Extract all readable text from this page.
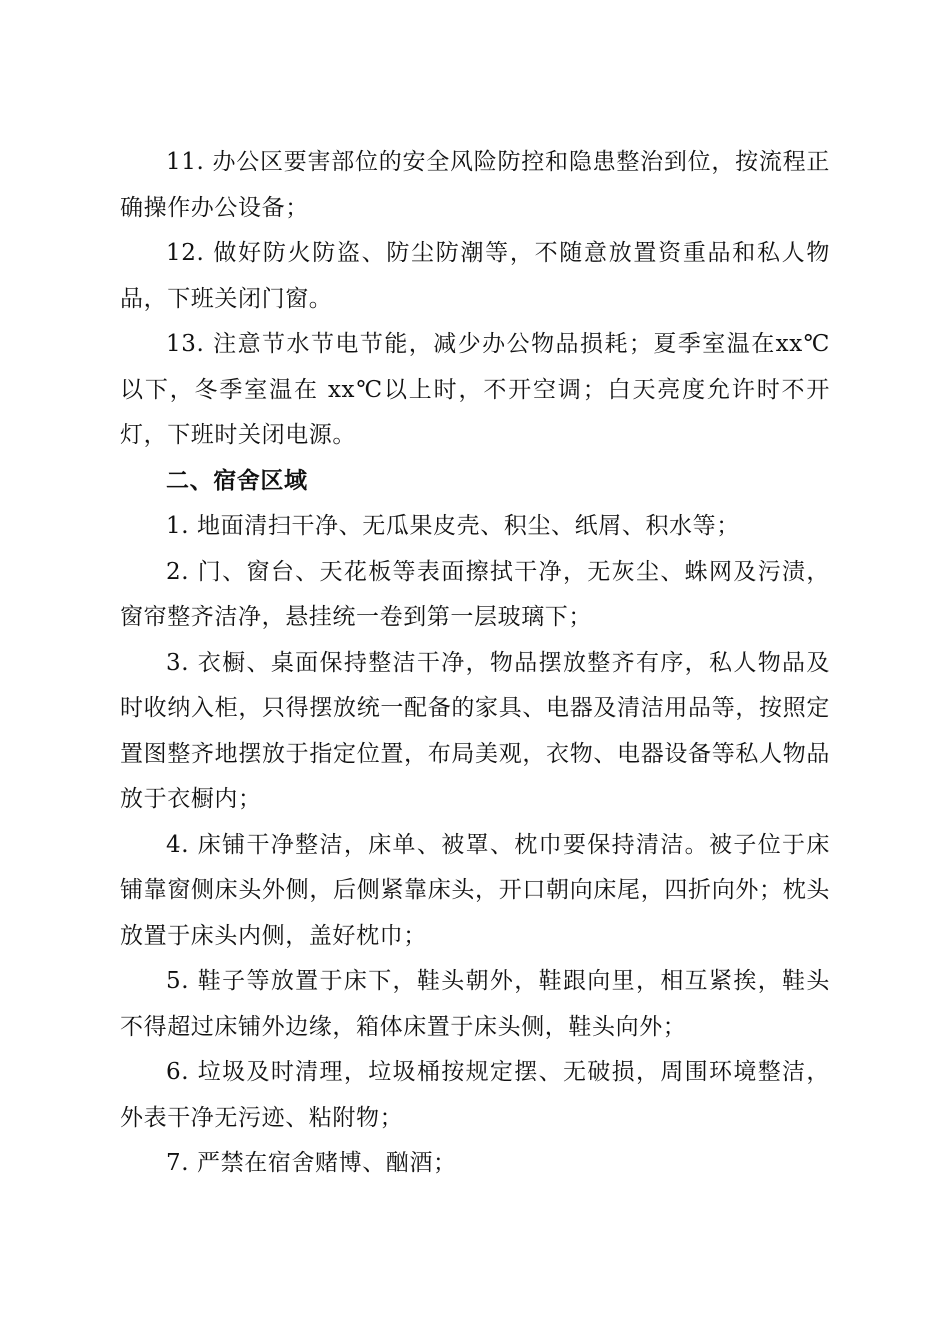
11. 办公区要害部位的安全风险防控和隐患整治到位，按流程正确操作办公设备；

12. 做好防火防盗、防尘防潮等，不随意放置资重品和私人物品，下班关闭门窗。

13. 注意节水节电节能，减少办公物品损耗；夏季室温在xx℃以下，冬季室温在 xx℃以上时，不开空调；白天亮度允许时不开灯，下班时关闭电源。

二、宿舍区域

1. 地面清扫干净、无瓜果皮壳、积尘、纸屑、积水等；

2. 门、窗台、天花板等表面擦拭干净，无灰尘、蛛网及污渍，窗帘整齐洁净，悬挂统一卷到第一层玻璃下；

3. 衣橱、桌面保持整洁干净，物品摆放整齐有序，私人物品及时收纳入柜，只得摆放统一配备的家具、电器及清洁用品等，按照定置图整齐地摆放于指定位置，布局美观，衣物、电器设备等私人物品放于衣橱内；

4. 床铺干净整洁，床单、被罩、枕巾要保持清洁。被子位于床铺靠窗侧床头外侧，后侧紧靠床头，开口朝向床尾，四折向外；枕头放置于床头内侧，盖好枕巾；

5. 鞋子等放置于床下，鞋头朝外，鞋跟向里，相互紧挨，鞋头不得超过床铺外边缘，箱体床置于床头侧，鞋头向外；

6. 垃圾及时清理，垃圾桶按规定摆、无破损，周围环境整洁，外表干净无污迹、粘附物；

7. 严禁在宿舍赌博、酗酒；
